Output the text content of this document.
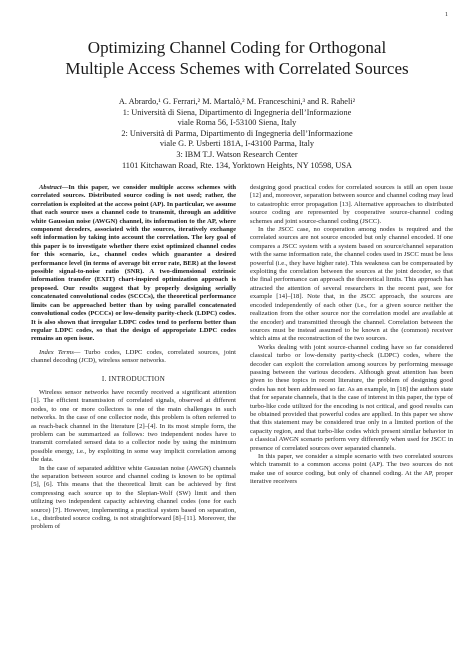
1
Optimizing Channel Coding for Orthogonal
Multiple Access Schemes with Correlated Sources
A. Abrardo,¹ G. Ferrari,² M. Martalò,² M. Franceschini,³ and R. Raheli²
1: Università di Siena, Dipartimento di Ingegneria dell’Informazione
viale Roma 56, I-53100 Siena, Italy
2: Università di Parma, Dipartimento di Ingegneria dell’Informazione
viale G. P. Usberti 181A, I-43100 Parma, Italy
3: IBM T.J. Watson Research Center
1101 Kitchawan Road, Rte. 134, Yorktown Heights, NY 10598, USA

Abstract—In this paper, we consider multiple access schemes with correlated sources. Distributed source coding is not used; rather, the correlation is exploited at the access point (AP). In particular, we assume that each source uses a channel code to transmit, through an additive white Gaussian noise (AWGN) channel, its information to the AP, where component decoders, associated with the sources, iteratively exchange soft information by taking into account the correlation. The key goal of this paper is to investigate whether there exist optimized channel codes for this scenario, i.e., channel codes which guarantee a desired performance level (in terms of average bit error rate, BER) at the lowest possible signal-to-noise ratio (SNR). A two-dimensional extrinsic information transfer (EXIT) chart-inspired optimization approach is proposed. Our results suggest that by properly designing serially concatenated convolutional codes (SCCCs), the theoretical performance limits can be approached better than by using parallel concatenated convolutional codes (PCCCs) or low-density parity-check (LDPC) codes. It is also shown that irregular LDPC codes tend to perform better than regular LDPC codes, so that the design of appropriate LDPC codes remains an open issue.

Index Terms— Turbo codes, LDPC codes, correlated sources, joint channel decoding (JCD), wireless sensor networks.

I. INTRODUCTION

Wireless sensor networks have recently received a significant attention [1]. The efficient transmission of correlated signals, observed at different nodes, to one or more collectors is one of the main challenges in such networks. In the case of one collector node, this problem is often referred to as reach-back channel in the literature [2]–[4]. In its most simple form, the problem can be summarized as follows: two independent nodes have to transmit correlated sensed data to a collector node by using the minimum possible energy, i.e., by exploiting in some way implicit correlation among the data.

In the case of separated additive white Gaussian noise (AWGN) channels the separation between source and channel coding is known to be optimal [5], [6]. This means that the theoretical limit can be achieved by first compressing each source up to the Slepian-Wolf (SW) limit and then utilizing two independent capacity achieving channel codes (one for each source) [7]. However, implementing a practical system based on separation, i.e., distributed source coding, is not straightforward [8]–[11]. Moreover, the problem of

designing good practical codes for correlated sources is still an open issue [12] and, moreover, separation between source and channel coding may lead to catastrophic error propagation [13]. Alternative approaches to distributed source coding are represented by cooperative source-channel coding schemes and joint source-channel coding (JSCC).

In the JSCC case, no cooperation among nodes is required and the correlated sources are not source encoded but only channel encoded. If one compares a JSCC system with a system based on source/channel separation with the same information rate, the channel codes used in JSCC must be less powerful (i.e., they have higher rate). This weakness can be compensated by exploiting the correlation between the sources at the joint decoder, so that the final performance can approach the theoretical limits. This approach has attracted the attention of several researchers in the recent past, see for example [14]–[18]. Note that, in the JSCC approach, the sources are encoded independently of each other (i.e., for a given source neither the realization from the other source nor the correlation model are available at the encoder) and transmitted through the channel. Correlation between the sources must be instead assumed to be known at the (common) receiver which aims at the reconstruction of the two sources.

Works dealing with joint source-channel coding have so far considered classical turbo or low-density parity-check (LDPC) codes, where the decoder can exploit the correlation among sources by performing message passing between the various decoders. Although great attention has been given to these topics in recent literature, the problem of designing good codes has not been addressed so far. As an example, in [18] the authors state that for separate channels, that is the case of interest in this paper, the type of turbo-like code utilized for the encoding is not critical, and good results can be obtained provided that powerful codes are applied. In this paper we show that this statement may be considered true only in a limited portion of the capacity region, and that turbo-like codes which present similar behavior in a classical AWGN scenario perform very differently when used for JSCC in presence of correlated sources over separated channels.

In this paper, we consider a simple scenario with two correlated sources which transmit to a common access point (AP). The two sources do not make use of source coding, but only of channel coding. At the AP, proper iterative receivers
